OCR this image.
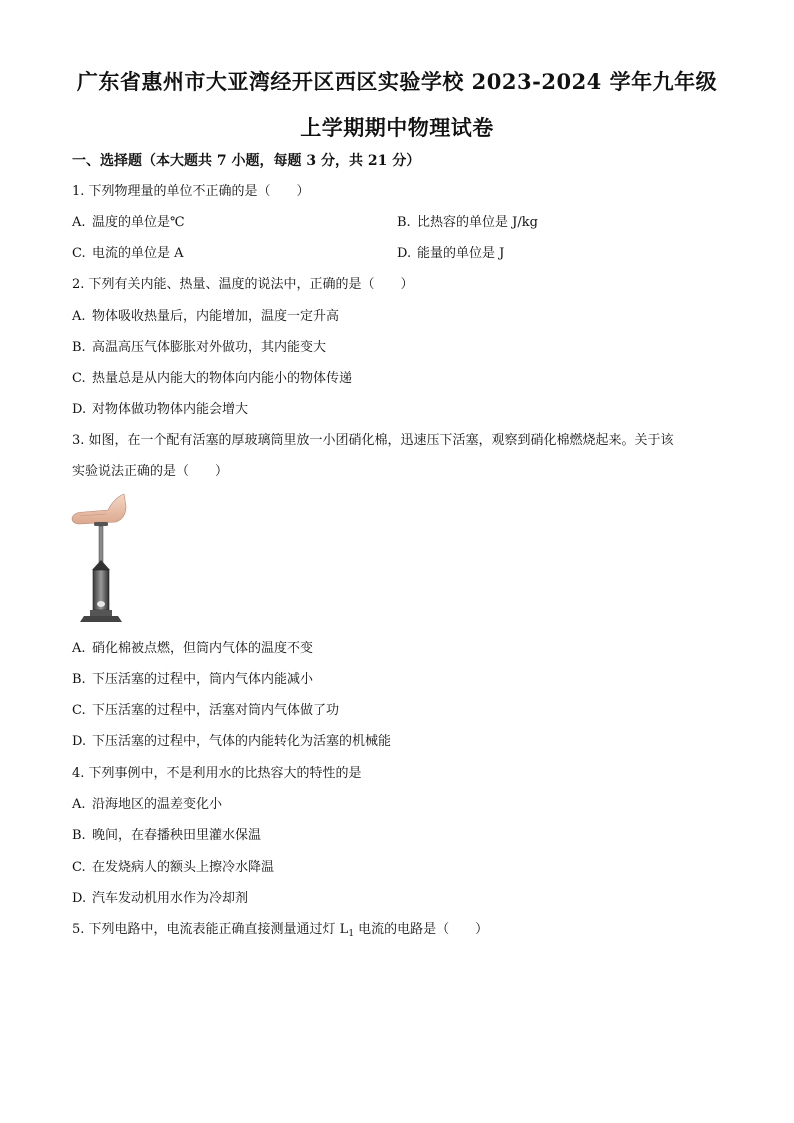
广东省惠州市大亚湾经开区西区实验学校 2023-2024 学年九年级
上学期期中物理试卷
一、选择题（本大题共 7 小题，每题 3 分，共 21 分）
1. 下列物理量的单位不正确的是（　　）
A. 温度的单位是℃	B. 比热容的单位是 J/kg
C. 电流的单位是 A	D. 能量的单位是 J
2. 下列有关内能、热量、温度的说法中，正确的是（　　）
A. 物体吸收热量后，内能增加，温度一定升高
B. 高温高压气体膨胀对外做功，其内能变大
C. 热量总是从内能大的物体向内能小的物体传递
D. 对物体做功物体内能会增大
3. 如图，在一个配有活塞的厚玻璃筒里放一小团硝化棉，迅速压下活塞，观察到硝化棉燃烧起来。关于该
实验说法正确的是（　　）
A. 硝化棉被点燃，但筒内气体的温度不变
B. 下压活塞的过程中，筒内气体内能减小
C. 下压活塞的过程中，活塞对筒内气体做了功
D. 下压活塞的过程中，气体的内能转化为活塞的机械能
4. 下列事例中，不是利用水的比热容大的特性的是
A. 沿海地区的温差变化小
B. 晚间，在春播秧田里灌水保温
C. 在发烧病人的额头上擦冷水降温
D. 汽车发动机用水作为冷却剂
5. 下列电路中，电流表能正确直接测量通过灯 $L_1$ 电流的电路是（　　）
